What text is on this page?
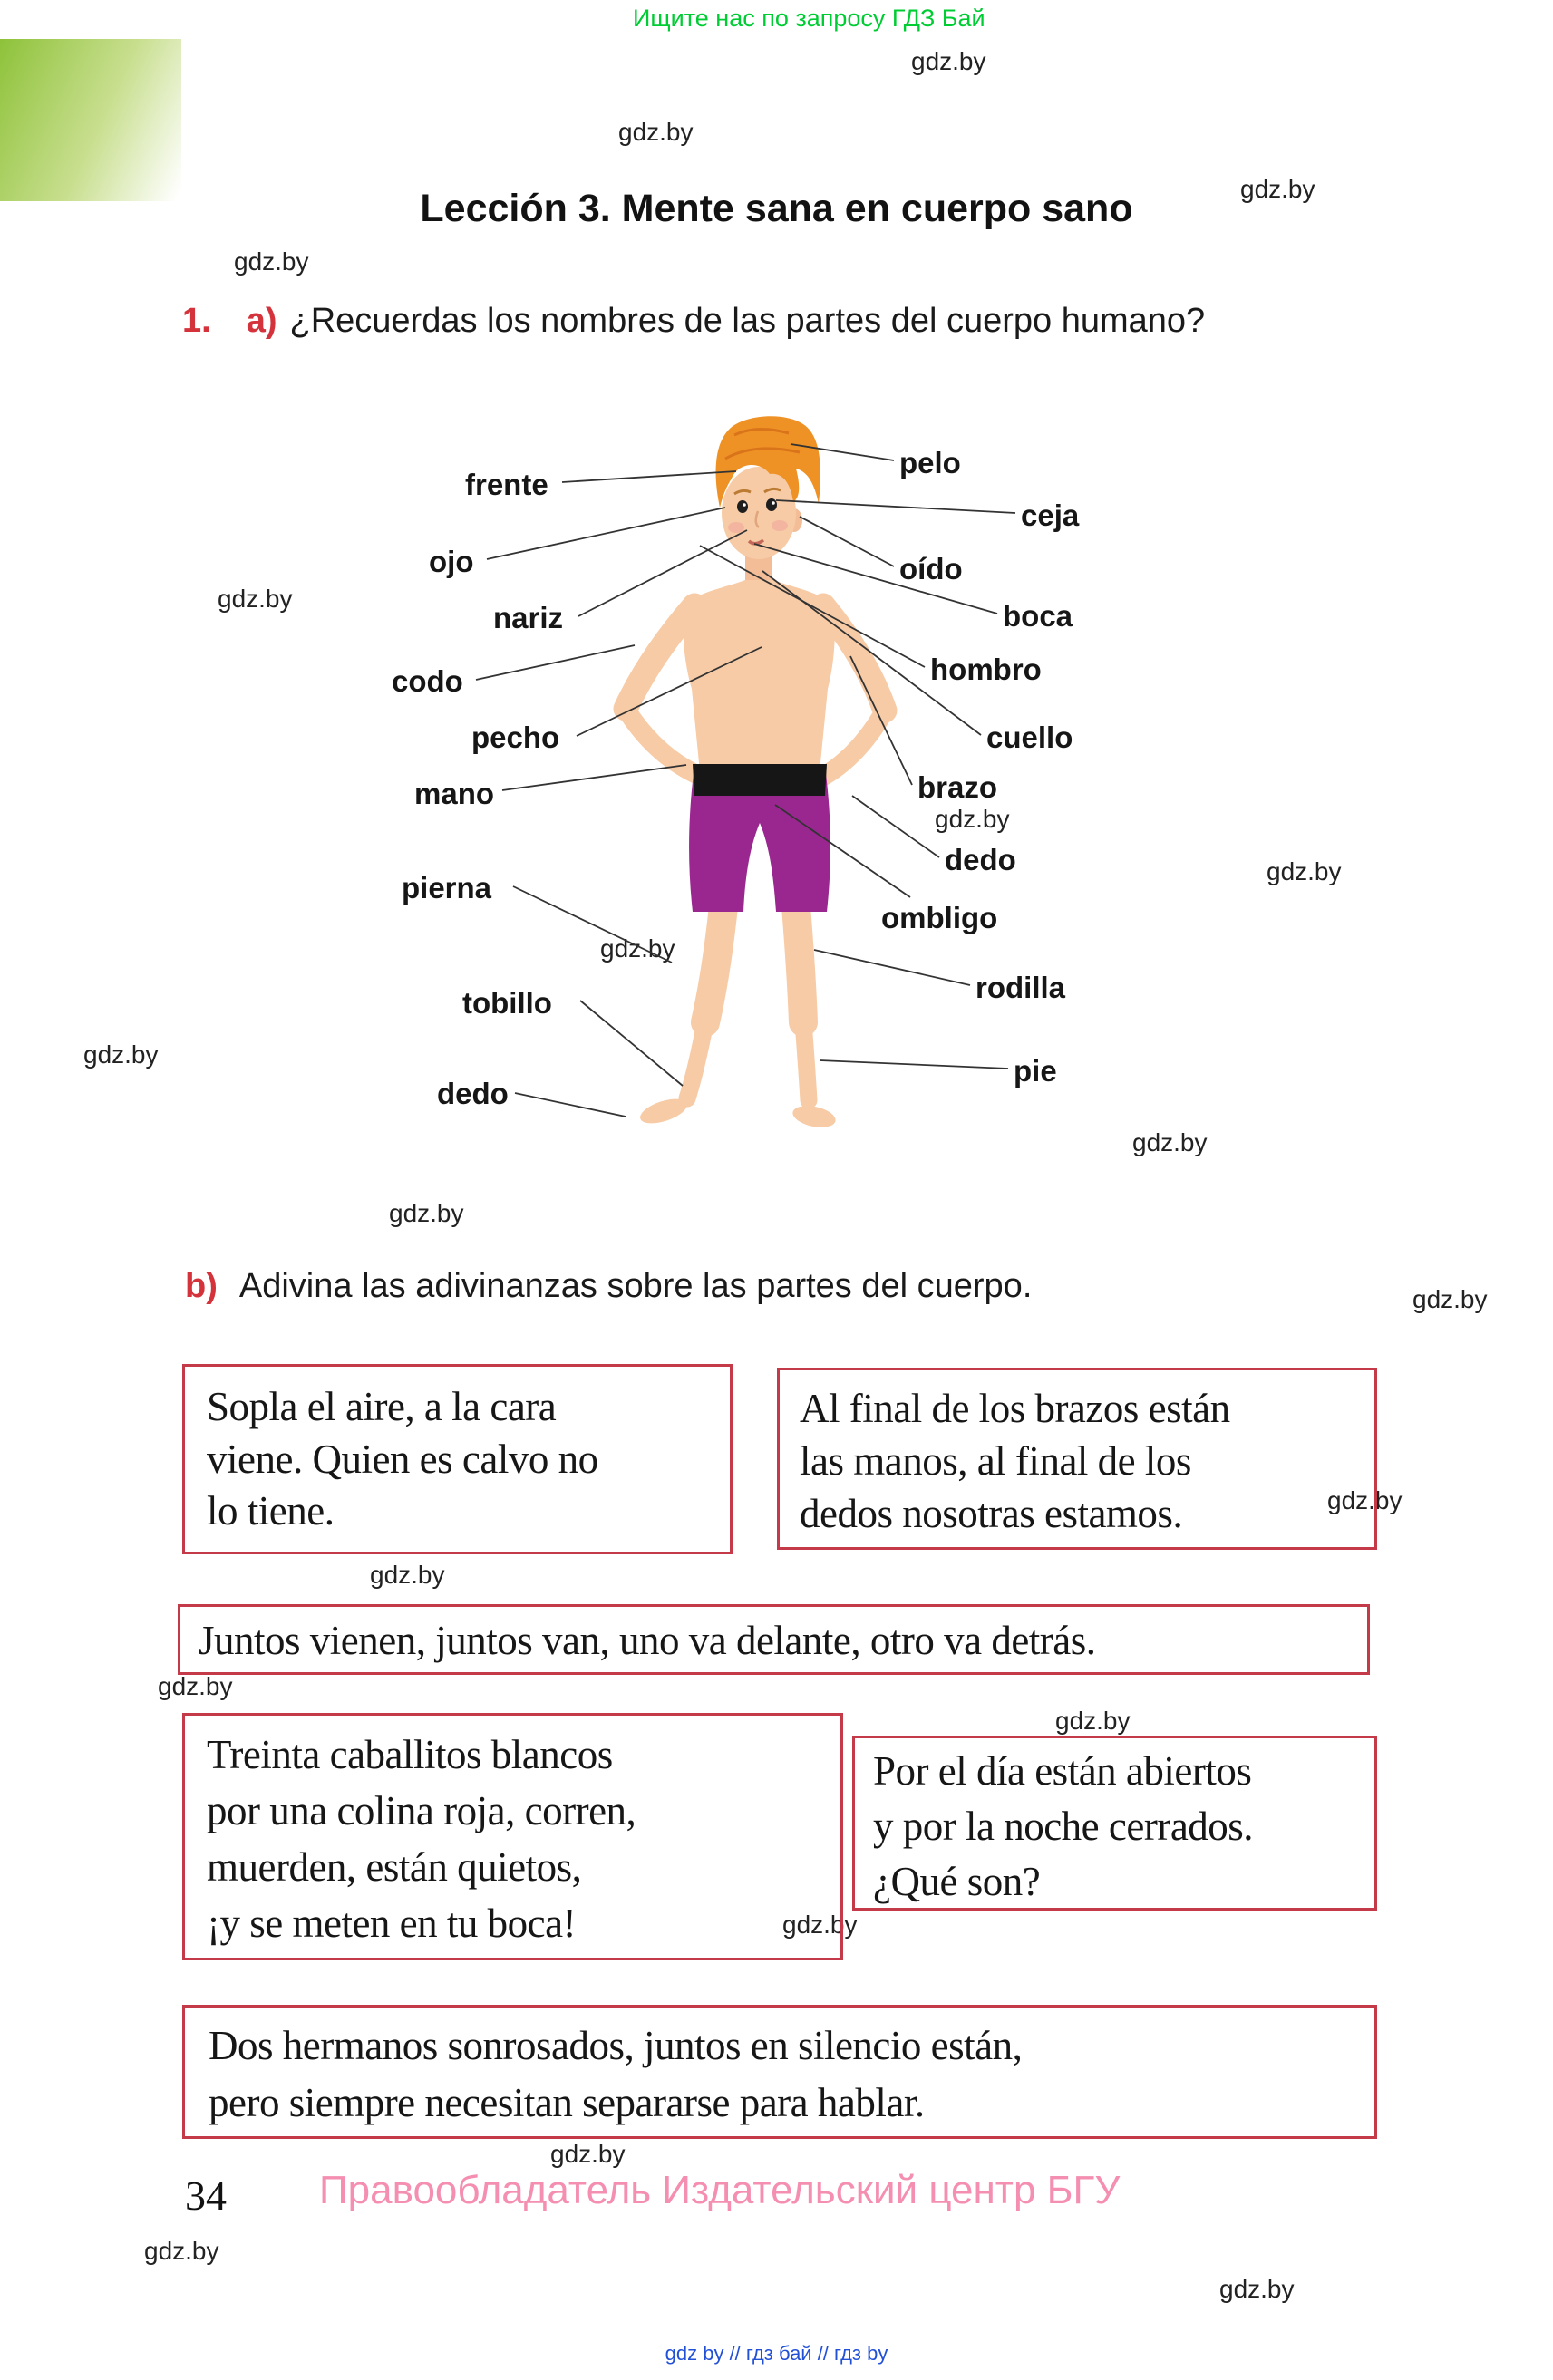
Ищите нас по запросу ГДЗ Бай
gdz.by
gdz.by
gdz.by
gdz.by
gdz.by
gdz.by
gdz.by
gdz.by
gdz.by
gdz.by
gdz.by
gdz.by
gdz.by
gdz.by
gdz.by
gdz.by
gdz.by
gdz.by
gdz.by
gdz.by
Lección 3. Mente sana en cuerpo sano
1. a) ¿Recuerdas los nombres de las partes del cuerpo humano?
frente
pelo
ceja
ojo	oído
nariz	boca
codo	hombro
pecho	cuello
mano	brazo
dedo
pierna
ombligo
rodilla
tobillo
pie
dedo
b) Adivina las adivinanzas sobre las partes del cuerpo.
Sopla el aire, a la cara
viene. Quien es calvo no
lo tiene.
Al final de los brazos están
las manos, al final de los
dedos nosotras estamos.
Juntos vienen, juntos van, uno va delante, otro va detrás.
Treinta caballitos blancos
por una colina roja, corren,
muerden, están quietos,
¡y se meten en tu boca!
Por el día están abiertos
y por la noche cerrados.
¿Qué son?
Dos hermanos sonrosados, juntos en silencio están,
pero siempre necesitan separarse para hablar.
34 Правообладатель Издательский центр БГУ
gdz by // гдз бай // гдз by
